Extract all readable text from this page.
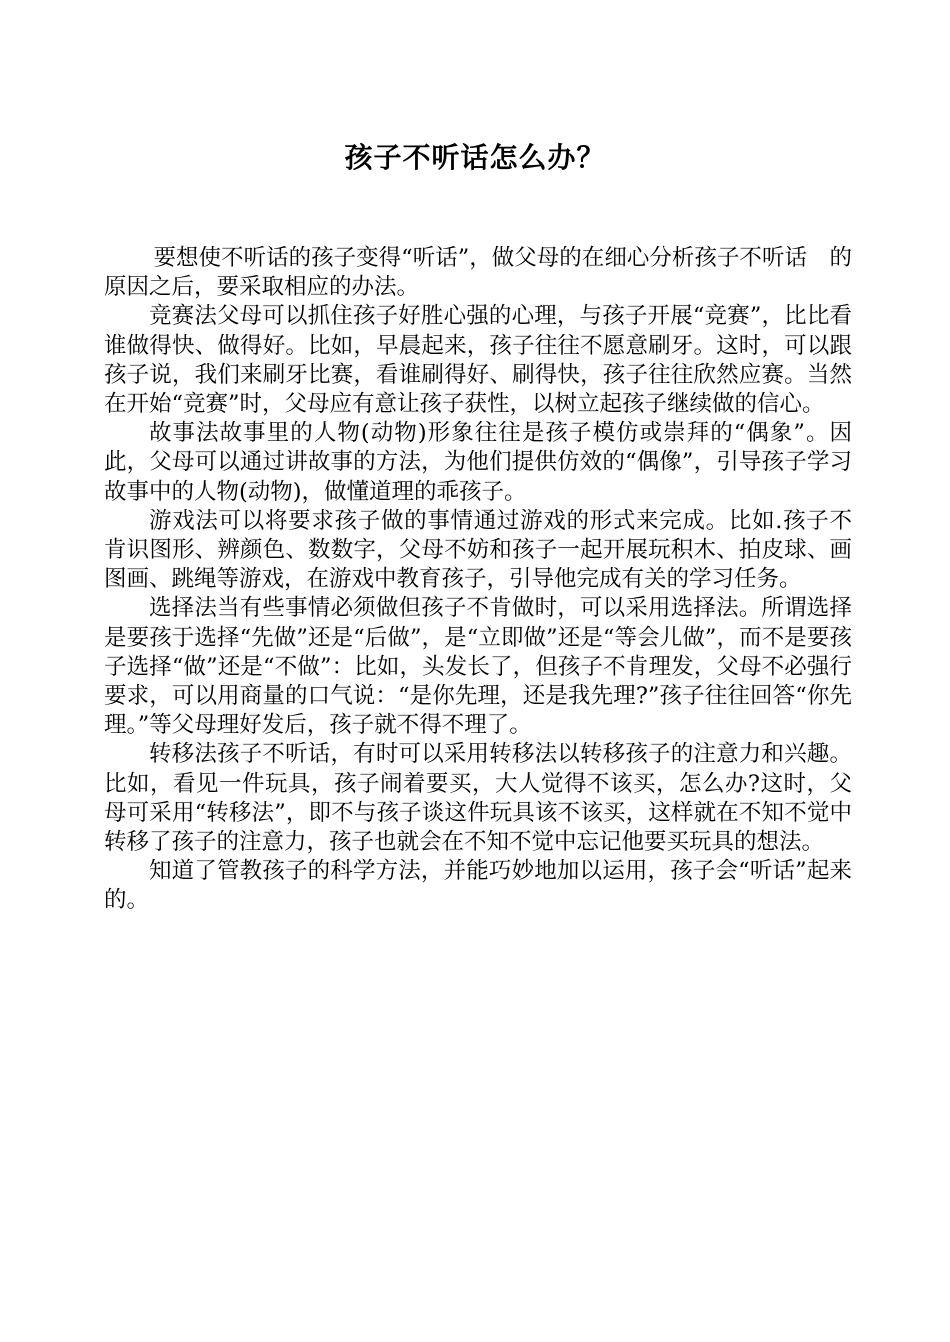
孩子不听话怎么办？

要想使不听话的孩子变得“听话”，做父母的在细心分析孩子不听话　的原因之后，要采取相应的办法。

竞赛法父母可以抓住孩子好胜心强的心理，与孩子开展“竞赛”，比比看谁做得快、做得好。比如，早晨起来，孩子往往不愿意刷牙。这时，可以跟孩子说，我们来刷牙比赛，看谁刷得好、刷得快，孩子往往欣然应赛。当然在开始“竞赛”时，父母应有意让孩子获性，以树立起孩子继续做的信心。

故事法故事里的人物(动物)形象往往是孩子模仿或崇拜的“偶象”。因此，父母可以通过讲故事的方法，为他们提供仿效的“偶像”，引导孩子学习故事中的人物(动物)，做懂道理的乖孩子。

游戏法可以将要求孩子做的事情通过游戏的形式来完成。比如.孩子不肯识图形、辨颜色、数数字，父母不妨和孩子一起开展玩积木、拍皮球、画图画、跳绳等游戏，在游戏中教育孩子，引导他完成有关的学习任务。

选择法当有些事情必须做但孩子不肯做时，可以采用选择法。所谓选择是要孩于选择“先做”还是“后做”，是“立即做”还是“等会儿做”，而不是要孩子选择“做”还是“不做”：比如，头发长了，但孩子不肯理发，父母不必强行要求，可以用商量的口气说：“是你先理，还是我先理?”孩子往往回答“你先理。”等父母理好发后，孩子就不得不理了。

转移法孩子不听话，有时可以采用转移法以转移孩子的注意力和兴趣。比如，看见一件玩具，孩子闹着要买，大人觉得不该买，怎么办?这时，父母可采用“转移法”，即不与孩子谈这件玩具该不该买，这样就在不知不觉中转移了孩子的注意力，孩子也就会在不知不觉中忘记他要买玩具的想法。

知道了管教孩子的科学方法，并能巧妙地加以运用，孩子会“听话”起来的。
